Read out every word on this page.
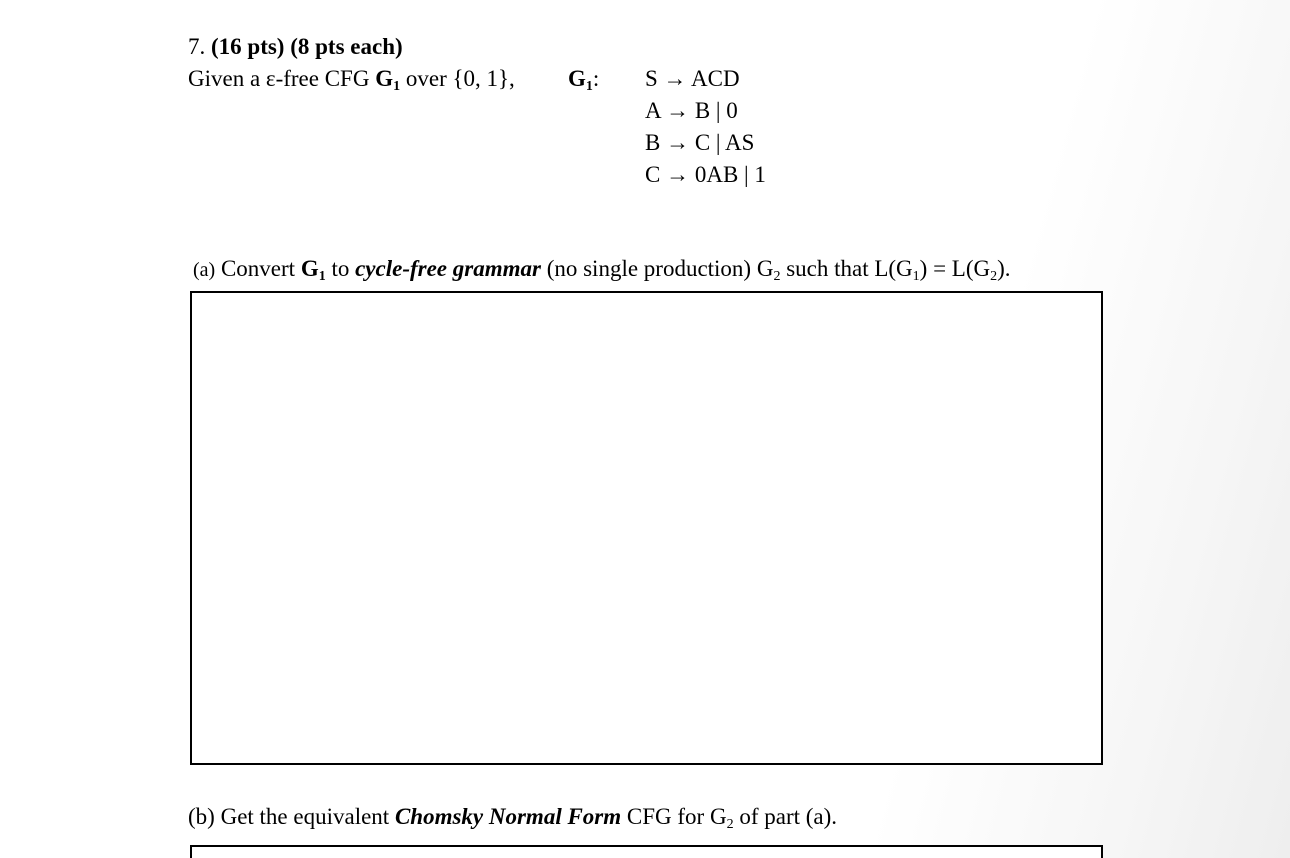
7. (16 pts) (8 pts each)
Given a ε-free CFG $G_1$ over {0, 1}, $G_1$: S → ACD
A → B | 0
B → C | AS
C → 0AB | 1
(a) Convert $G_1$ to cycle-free grammar (no single production) $G_2$ such that $L(G_1) = L(G_2)$.
(b) Get the equivalent Chomsky Normal Form CFG for $G_2$ of part (a).
